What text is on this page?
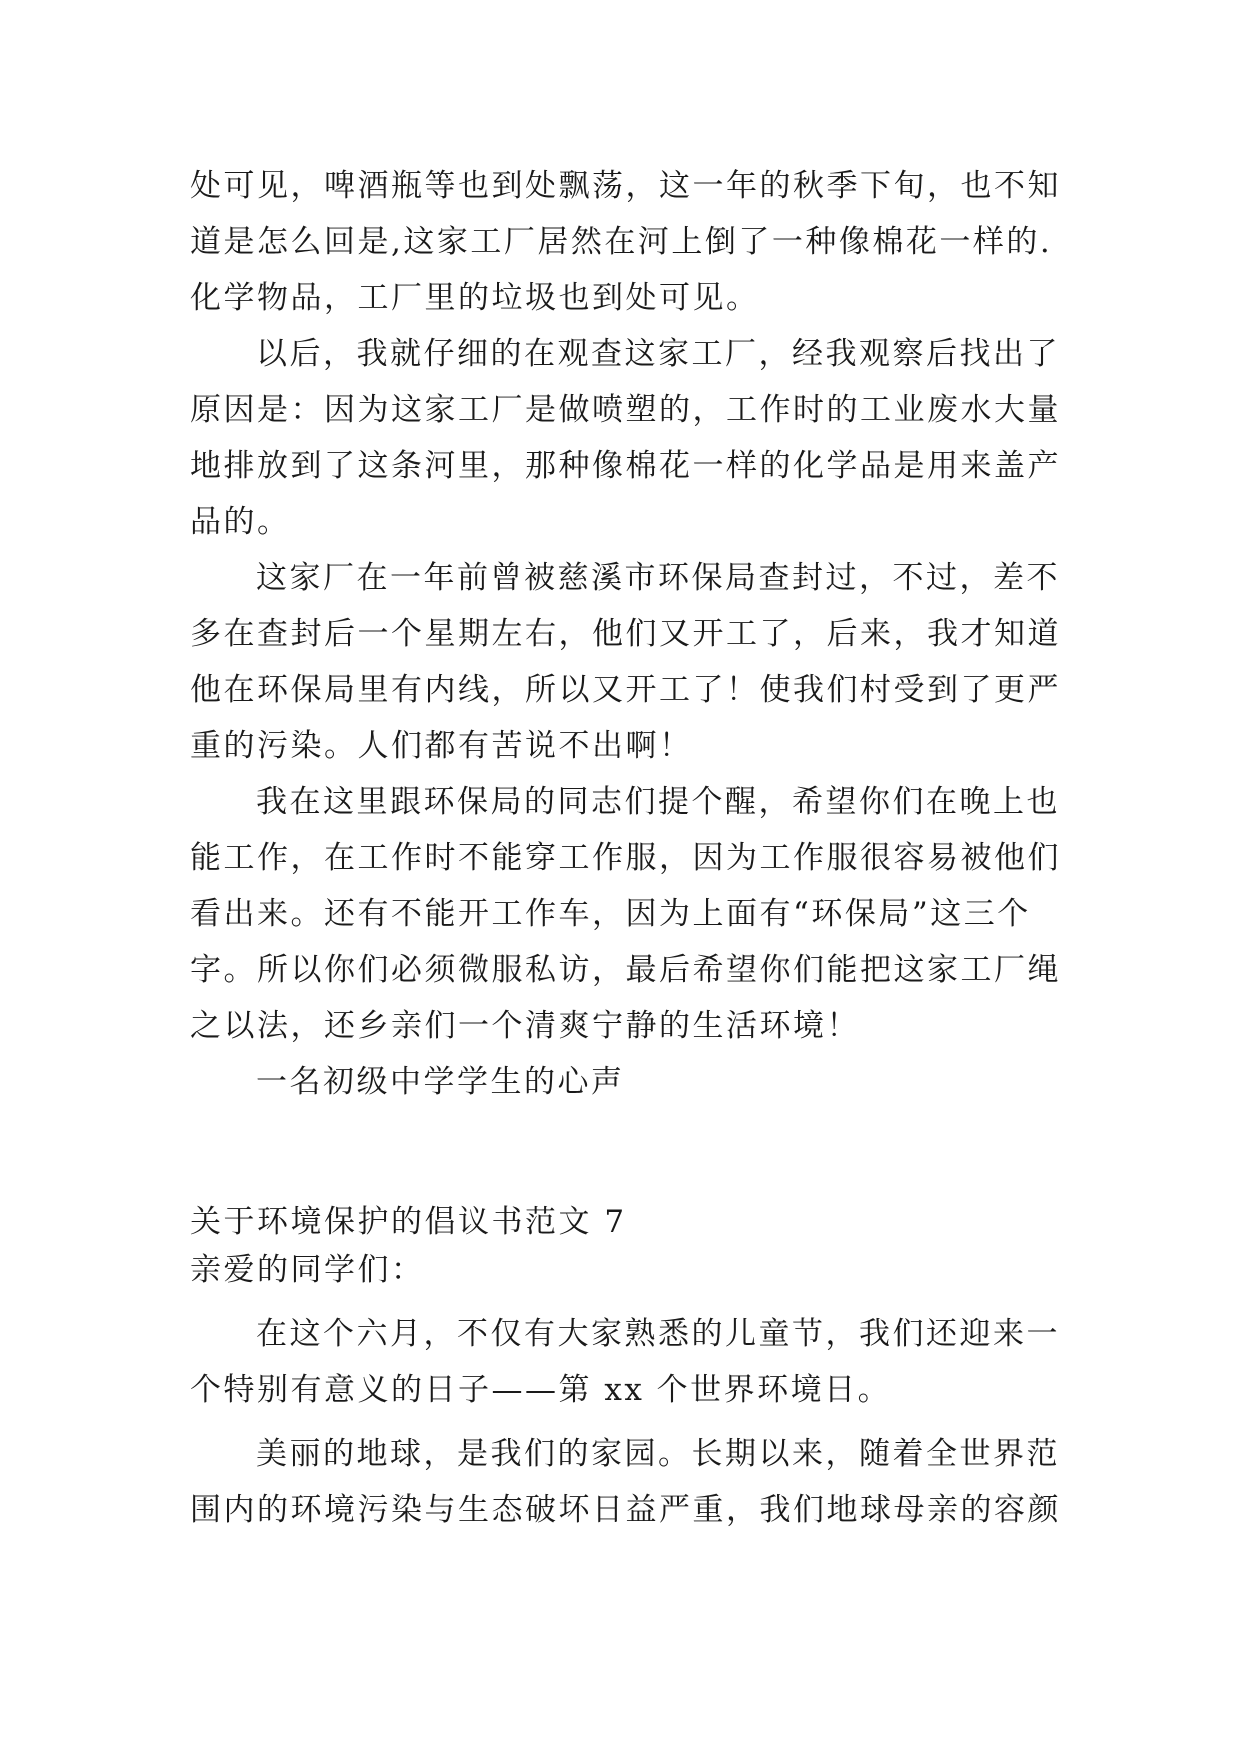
处可见，啤酒瓶等也到处飘荡，这一年的秋季下旬，也不知

道是怎么回是,这家工厂居然在河上倒了一种像棉花一样的.

化学物品，工厂里的垃圾也到处可见。

以后，我就仔细的在观查这家工厂，经我观察后找出了

原因是：因为这家工厂是做喷塑的，工作时的工业废水大量

地排放到了这条河里，那种像棉花一样的化学品是用来盖产

品的。

这家厂在一年前曾被慈溪市环保局查封过，不过，差不

多在查封后一个星期左右，他们又开工了，后来，我才知道

他在环保局里有内线，所以又开工了！使我们村受到了更严

重的污染。人们都有苦说不出啊！

我在这里跟环保局的同志们提个醒，希望你们在晚上也

能工作，在工作时不能穿工作服，因为工作服很容易被他们

看出来。还有不能开工作车，因为上面有“环保局”这三个

字。所以你们必须微服私访，最后希望你们能把这家工厂绳

之以法，还乡亲们一个清爽宁静的生活环境！

一名初级中学学生的心声

关于环境保护的倡议书范文 7
亲爱的同学们：

在这个六月，不仅有大家熟悉的儿童节，我们还迎来一

个特别有意义的日子——第 xx 个世界环境日。

美丽的地球，是我们的家园。长期以来，随着全世界范

围内的环境污染与生态破坏日益严重，我们地球母亲的容颜
